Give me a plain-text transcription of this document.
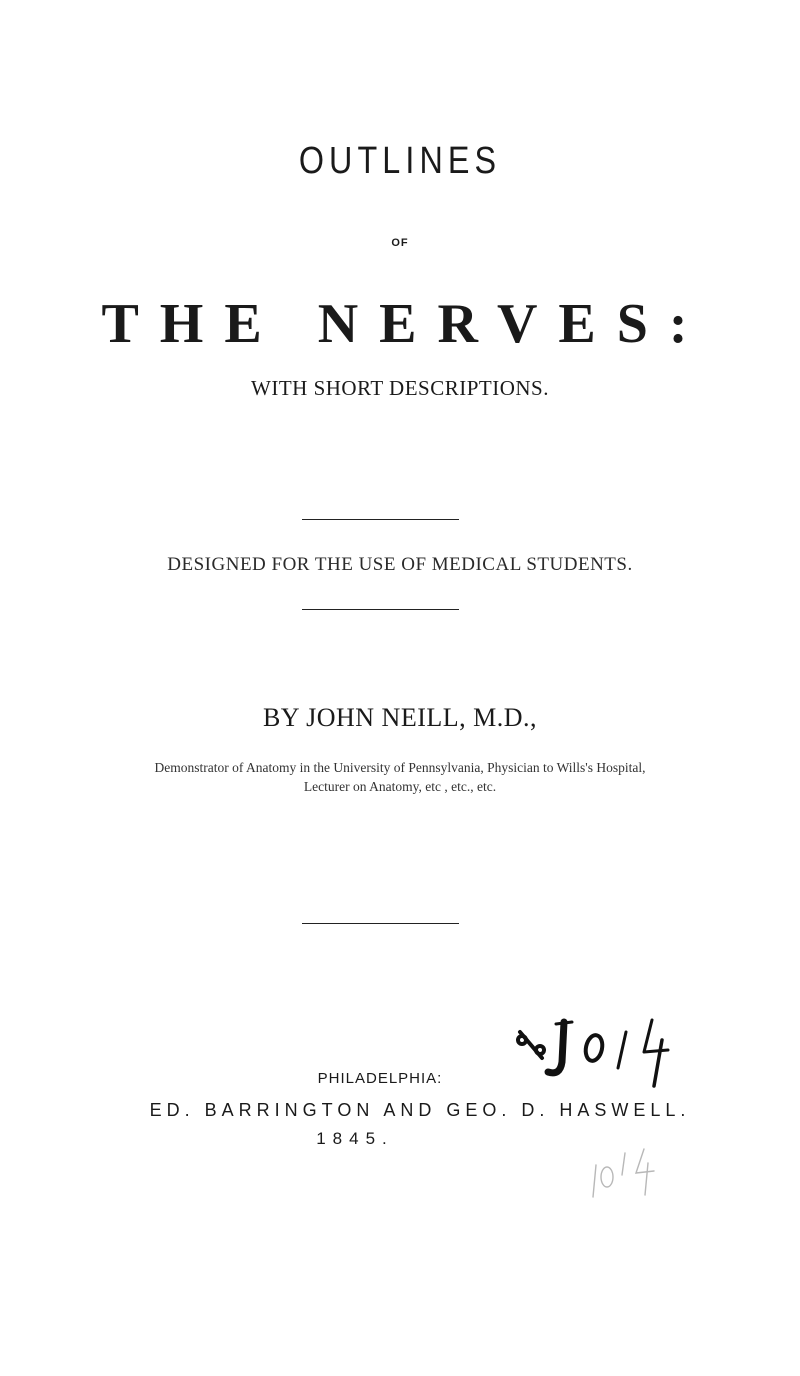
OUTLINES
OF
THE NERVES:
WITH SHORT DESCRIPTIONS.
DESIGNED FOR THE USE OF MEDICAL STUDENTS.
BY JOHN NEILL, M.D.,
Demonstrator of Anatomy in the University of Pennsylvania, Physician to Wills's Hospital,
Lecturer on Anatomy, etc , etc., etc.
PHILADELPHIA:
ED. BARRINGTON AND GEO. D. HASWELL.
1845.
